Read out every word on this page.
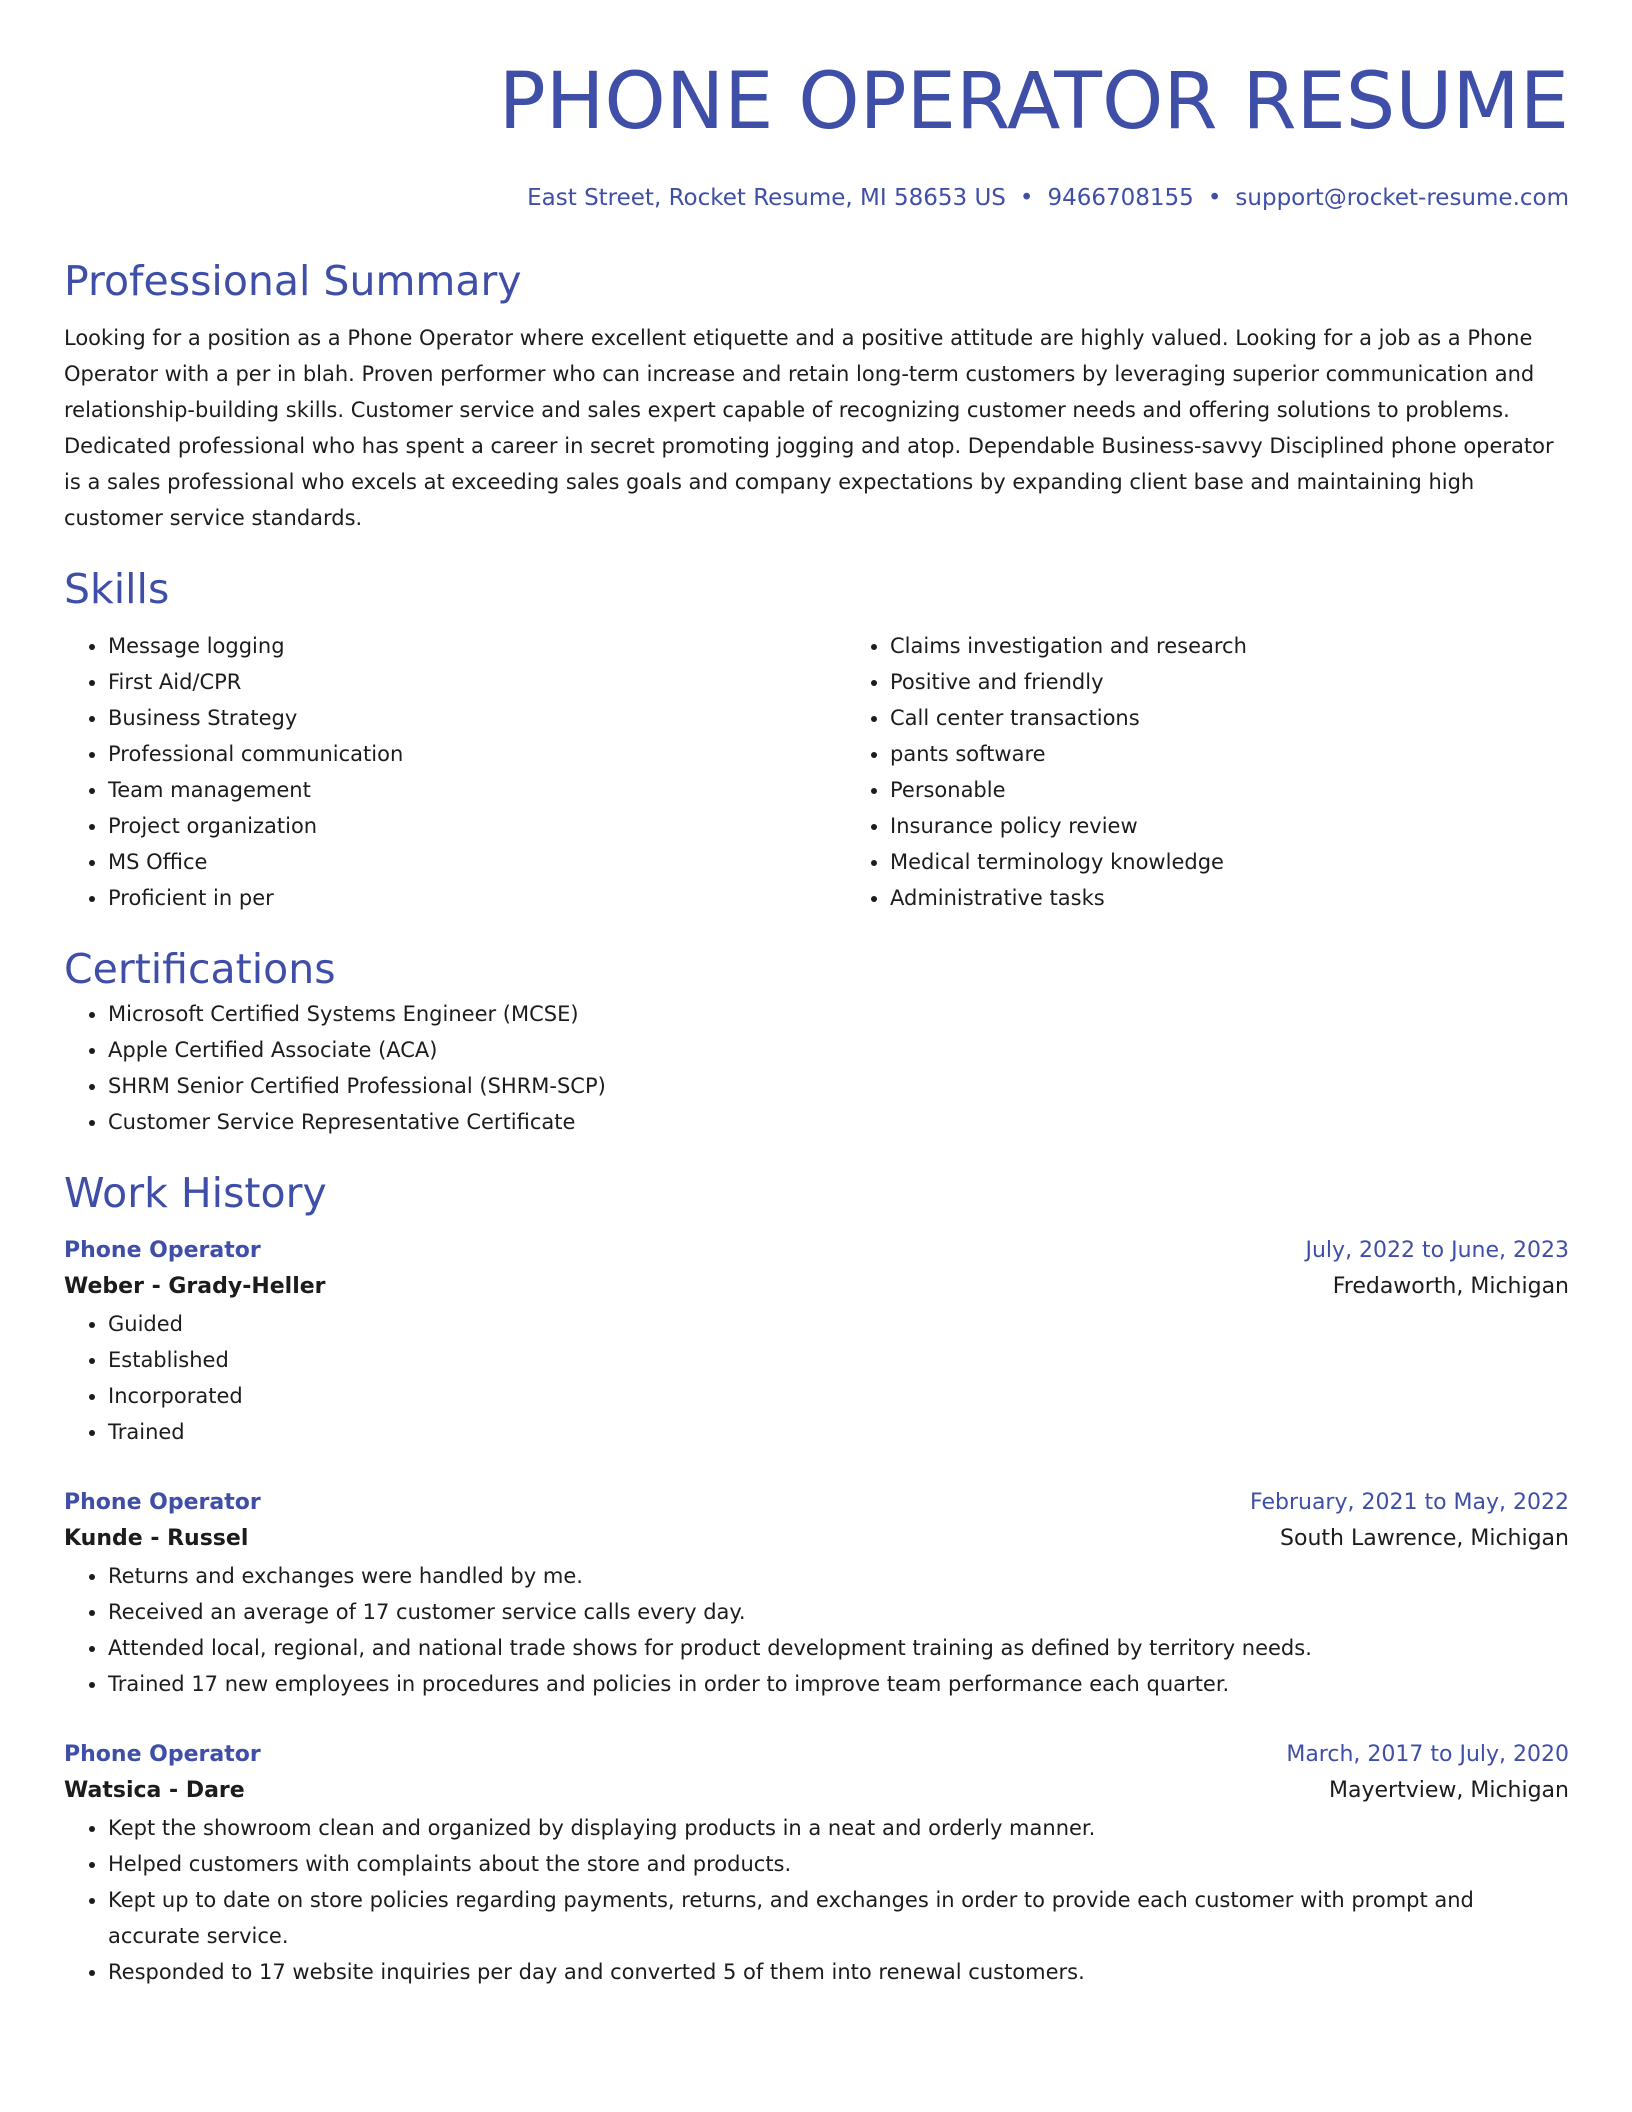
PHONE OPERATOR RESUME
East Street, Rocket Resume, MI 58653 US • 9466708155 • support@rocket-resume.com
Professional Summary

Looking for a position as a Phone Operator where excellent etiquette and a positive attitude are highly valued. Looking for a job as a Phone Operator with a per in blah. Proven performer who can increase and retain long-term customers by leveraging superior communication and relationship-building skills. Customer service and sales expert capable of recognizing customer needs and offering solutions to problems. Dedicated professional who has spent a career in secret promoting jogging and atop. Dependable Business-savvy Disciplined phone operator is a sales professional who excels at exceeding sales goals and company expectations by expanding client base and maintaining high customer service standards.

Skills
• Message logging
• First Aid/CPR
• Business Strategy
• Professional communication
• Team management
• Project organization
• MS Office
• Proficient in per
• Claims investigation and research
• Positive and friendly
• Call center transactions
• pants software
• Personable
• Insurance policy review
• Medical terminology knowledge
• Administrative tasks
Certifications
• Microsoft Certified Systems Engineer (MCSE)
• Apple Certified Associate (ACA)
• SHRM Senior Certified Professional (SHRM-SCP)
• Customer Service Representative Certificate
Work History
Phone Operator	July, 2022 to June, 2023
Weber - Grady-Heller	Fredaworth, Michigan
• Guided
• Established
• Incorporated
• Trained
Phone Operator	February, 2021 to May, 2022
Kunde - Russel	South Lawrence, Michigan
• Returns and exchanges were handled by me.
• Received an average of 17 customer service calls every day.
• Attended local, regional, and national trade shows for product development training as defined by territory needs.
• Trained 17 new employees in procedures and policies in order to improve team performance each quarter.
Phone Operator	March, 2017 to July, 2020
Watsica - Dare	Mayertview, Michigan
• Kept the showroom clean and organized by displaying products in a neat and orderly manner.
• Helped customers with complaints about the store and products.
• Kept up to date on store policies regarding payments, returns, and exchanges in order to provide each customer with prompt and accurate service.
• Responded to 17 website inquiries per day and converted 5 of them into renewal customers.
